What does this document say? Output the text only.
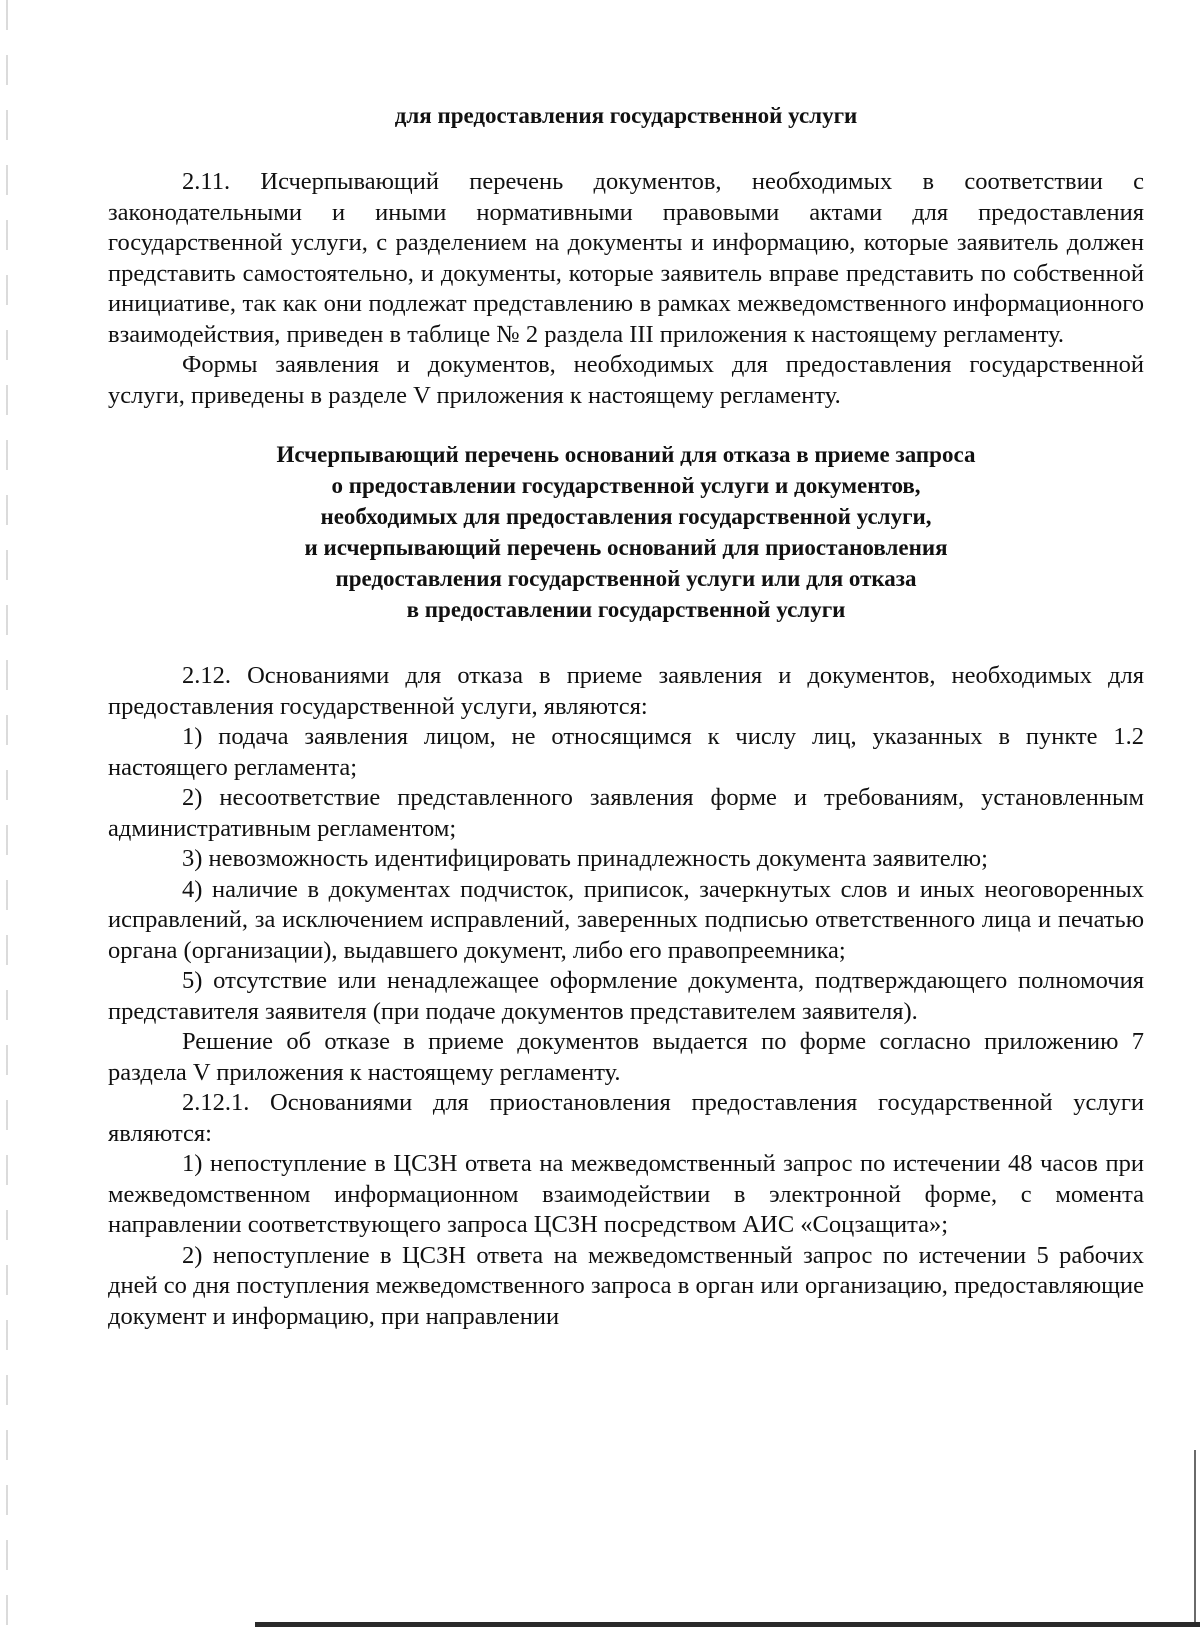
для предоставления государственной услуги

2.11. Исчерпывающий перечень документов, необходимых в соответствии с законодательными и иными нормативными правовыми актами для предоставления государственной услуги, с разделением на документы и информацию, которые заявитель должен представить самостоятельно, и документы, которые заявитель вправе представить по собственной инициативе, так как они подлежат представлению в рамках межведомственного информационного взаимодействия, приведен в таблице № 2 раздела III приложения к настоящему регламенту.

Формы заявления и документов, необходимых для предоставления государственной услуги, приведены в разделе V приложения к настоящему регламенту.

Исчерпывающий перечень оснований для отказа в приеме запроса
о предоставлении государственной услуги и документов,
необходимых для предоставления государственной услуги,
и исчерпывающий перечень оснований для приостановления
предоставления государственной услуги или для отказа
в предоставлении государственной услуги

2.12. Основаниями для отказа в приеме заявления и документов, необходимых для предоставления государственной услуги, являются:

1) подача заявления лицом, не относящимся к числу лиц, указанных в пункте 1.2 настоящего регламента;

2) несоответствие представленного заявления форме и требованиям, установленным административным регламентом;

3) невозможность идентифицировать принадлежность документа заявителю;

4) наличие в документах подчисток, приписок, зачеркнутых слов и иных неоговоренных исправлений, за исключением исправлений, заверенных подписью ответственного лица и печатью органа (организации), выдавшего документ, либо его правопреемника;

5) отсутствие или ненадлежащее оформление документа, подтверждающего полномочия представителя заявителя (при подаче документов представителем заявителя).

Решение об отказе в приеме документов выдается по форме согласно приложению 7 раздела V приложения к настоящему регламенту.

2.12.1. Основаниями для приостановления предоставления государственной услуги являются:

1) непоступление в ЦСЗН ответа на межведомственный запрос по истечении 48 часов при межведомственном информационном взаимодействии в электронной форме, с момента направлении соответствующего запроса ЦСЗН посредством АИС «Соцзащита»;

2) непоступление в ЦСЗН ответа на межведомственный запрос по истечении 5 рабочих дней со дня поступления межведомственного запроса в орган или организацию, предоставляющие документ и информацию, при направлении
